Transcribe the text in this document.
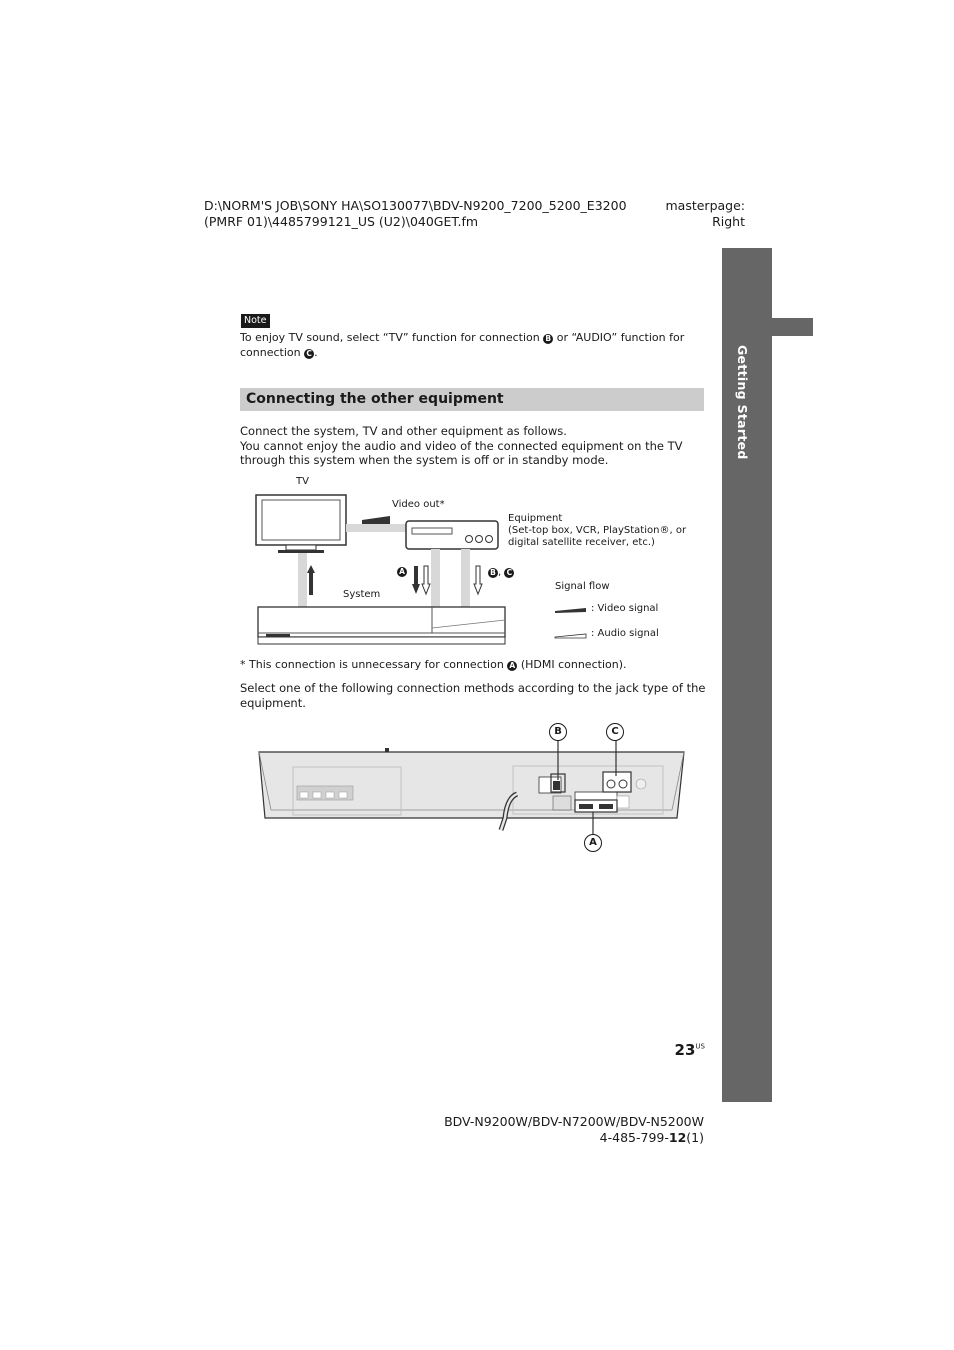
D:\NORM'S JOB\SONY HA\SO130077\BDV-N9200_7200_5200_E3200
(PMRF 01)\4485799121_US (U2)\040GET.fm
masterpage:
Right
Getting Started
Note
To enjoy TV sound, select “TV” function for connection B or “AUDIO” function for
connection C .
Connecting the other equipment
Connect the system, TV and other equipment as follows.
You cannot enjoy the audio and video of the connected equipment on the TV
through this system when the system is off or in standby mode.
TV
Video out*
Equipment
(Set-top box, VCR, PlayStation®, or
digital satellite receiver, etc.)
A	B , C
System
Signal flow
: Video signal
: Audio signal
* This connection is unnecessary for connection A (HDMI connection).
Select one of the following connection methods according to the jack type of the
equipment.
B	C
A
$23^{US}$
BDV-N9200W/BDV-N7200W/BDV-N5200W
4-485-799-12(1)
